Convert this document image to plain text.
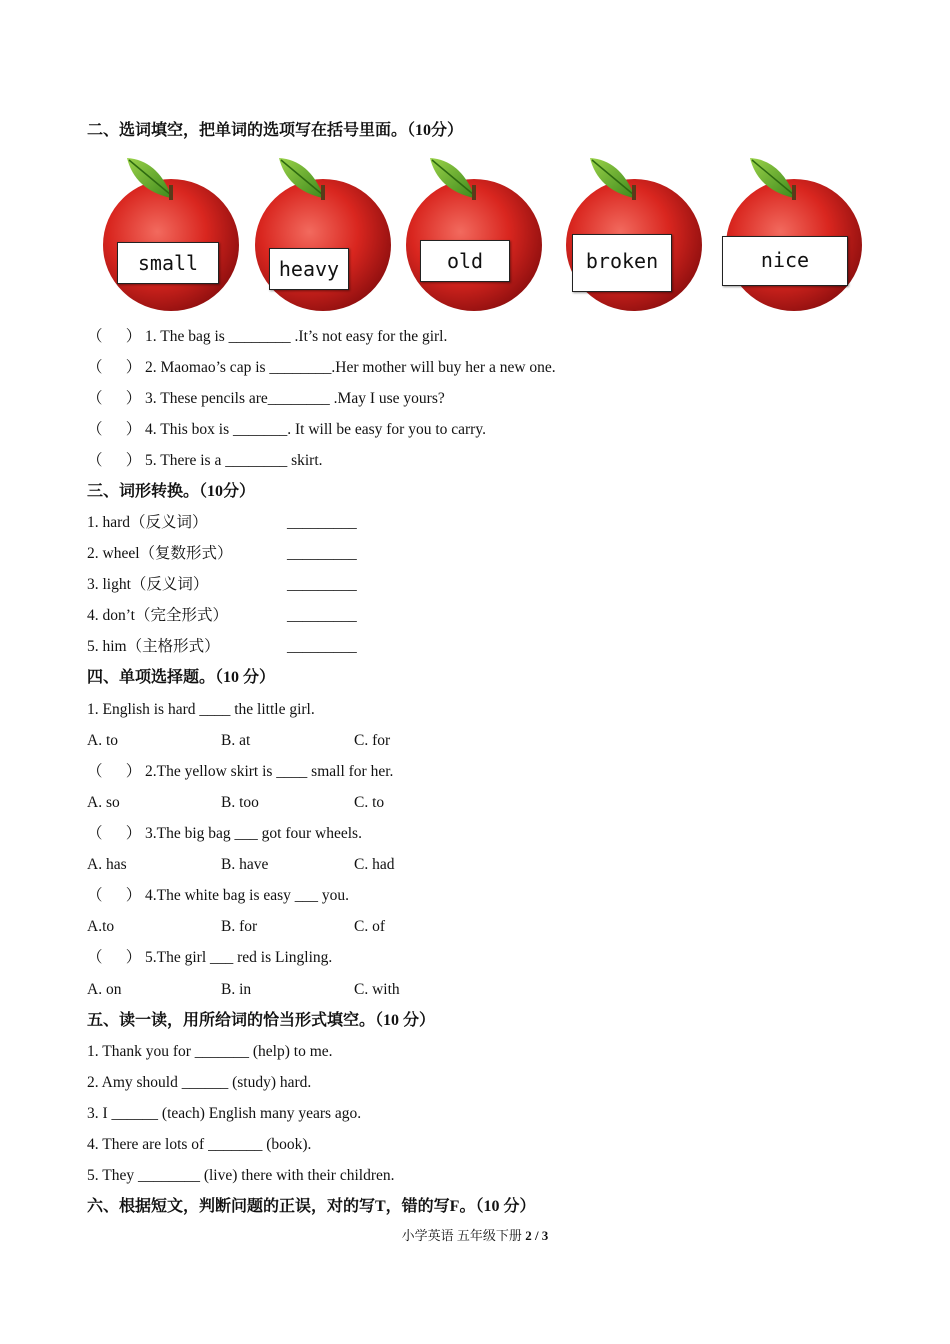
二、选词填空，把单词的选项写在括号里面。（10分）
small	heavy	old	broken	nice
（      ） 1. The bag is ________ .It’s not easy for the girl.
（      ） 2. Maomao’s cap is ________.Her mother will buy her a new one.
（      ） 3. These pencils are________ .May I use yours?
（      ） 4. This box is _______. It will be easy for you to carry.
（      ） 5. There is a ________ skirt.
三、词形转换。（10分）
1. hard（反义词）	_________
2. wheel（复数形式）	_________
3. light（反义词）	_________
4. don’t（完全形式）	_________
5. him（主格形式）	_________
四、单项选择题。（10 分）
1. English is hard ____ the little girl.
A. to	B. at	C. for
（      ） 2.The yellow skirt is ____ small for her.
A. so	B. too	C. to
（      ） 3.The big bag ___ got four wheels.
A. has	B. have	C. had
（      ） 4.The white bag is easy ___ you.
A.to	B. for	C. of
（      ） 5.The girl ___ red is Lingling.
A. on	B. in	C. with
五、读一读，用所给词的恰当形式填空。（10 分）
1. Thank you for _______ (help) to me.
2. Amy should ______ (study) hard.
3. I ______ (teach) English many years ago.
4. There are lots of _______ (book).
5. They ________ (live) there with their children.
六、根据短文，判断问题的正误，对的写T，错的写F。（10 分）
小学英语 五年级下册 2 / 3
